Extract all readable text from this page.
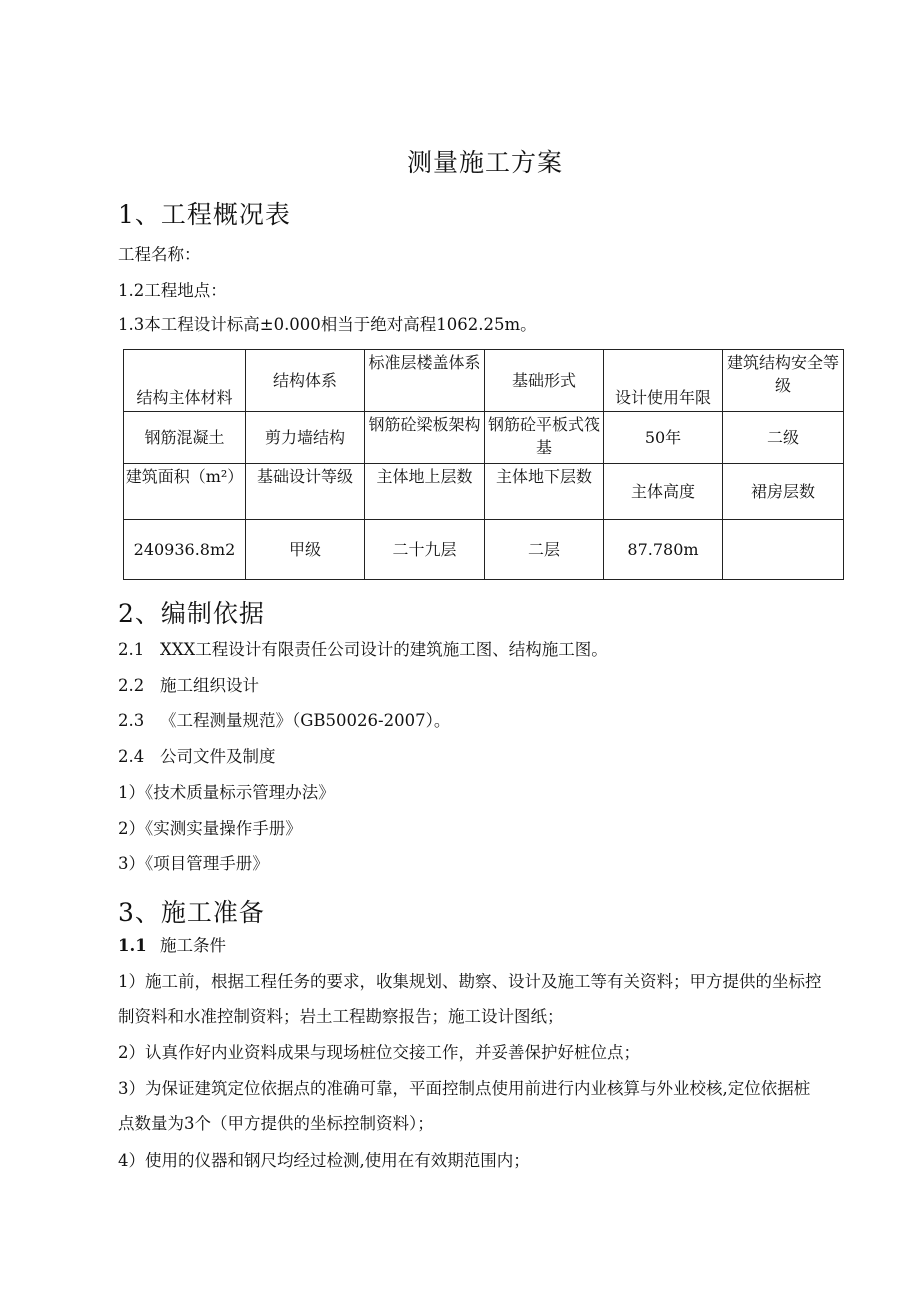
测量施工方案
1、工程概况表
工程名称：
1.2工程地点：
1.3本工程设计标高±0.000相当于绝对高程1062.25m。
结构主体材料	结构体系	标准层楼盖体系	基础形式	设计使用年限	建筑结构安全等级
钢筋混凝土	剪力墙结构	钢筋砼梁板架构	钢筋砼平板式筏基	50年	二级
建筑面积（m²）	基础设计等级	主体地上层数	主体地下层数	主体高度	裙房层数
240936.8m2	甲级	二十九层	二层	87.780m	
2、编制依据
2.1 XXX工程设计有限责任公司设计的建筑施工图、结构施工图。
2.2 施工组织设计
2.3 《工程测量规范》（GB50026-2007）。
2.4 公司文件及制度
1）《技术质量标示管理办法》
2）《实测实量操作手册》
3）《项目管理手册》
3、施工准备
1.1 施工条件
1）施工前，根据工程任务的要求，收集规划、勘察、设计及施工等有关资料；甲方提供的坐标控
制资料和水准控制资料；岩土工程勘察报告；施工设计图纸；
2）认真作好内业资料成果与现场桩位交接工作，并妥善保护好桩位点；
3）为保证建筑定位依据点的准确可靠，平面控制点使用前进行内业核算与外业校核,定位依据桩
点数量为3个（甲方提供的坐标控制资料）；
4）使用的仪器和钢尺均经过检测,使用在有效期范围内；
